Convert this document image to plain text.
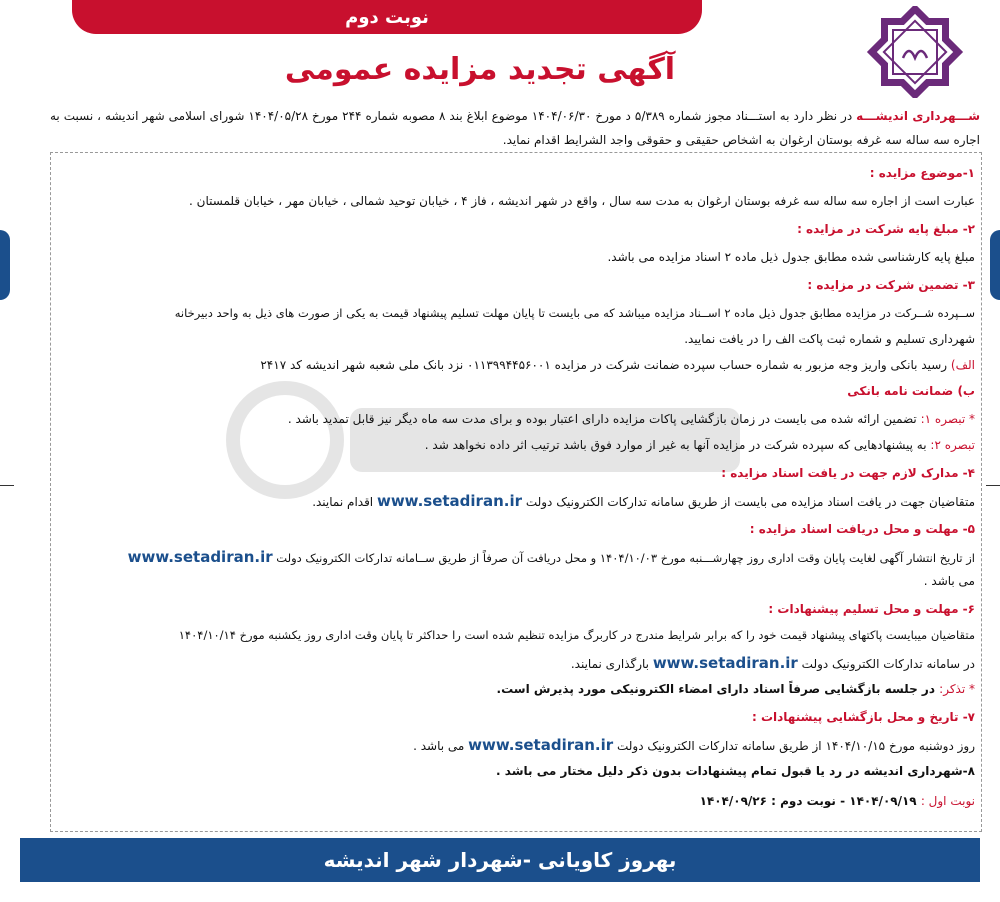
نوبت دوم
آگهی تجدید مزایده عمومی
شـــهرداری اندیشـــه در نظر دارد به استـــناد مجوز شماره ۵/۳۸۹ د مورخ ۱۴۰۴/۰۶/۳۰ موضوع ابلاغ بند ۸ مصوبه شماره ۲۴۴ مورخ ۱۴۰۴/۰۵/۲۸ شورای اسلامی شهر اندیشه ، نسبت به اجاره سه ساله سه غرفه بوستان ارغوان به اشخاص حقیقی و حقوقی واجد الشرایط اقدام نماید.
۱-موضوع مزایده :
عبارت است از اجاره سه ساله سه غرفه بوستان ارغوان به مدت سه سال ، واقع در شهر اندیشه ، فاز ۴ ، خیابان توحید شمالی ، خیابان مهر ، خیابان قلمستان .
۲- مبلغ پایه شرکت در مزایده :
مبلغ پایه کارشناسی شده مطابق جدول ذیل ماده ۲ اسناد مزایده می باشد.
۳- تضمین شرکت در مزایده :
ســپرده شــرکت در مزایده مطابق جدول ذیل ماده ۲ اســناد مزایده میباشد که می بایست تا پایان مهلت تسلیم پیشنهاد قیمت به یکی از صورت های ذیل به واحد دبیرخانه
شهرداری تسلیم و شماره ثبت پاکت الف را در یافت نمایید.
الف) رسید بانکی واریز وجه مزبور به شماره حساب سپرده ضمانت شرکت در مزایده ۰۱۱۳۹۹۴۴۵۶۰۰۱ نزد بانک ملی شعبه شهر اندیشه کد ۲۴۱۷
ب) ضمانت نامه بانکی
* تبصره ۱: تضمین ارائه شده می بایست در زمان بازگشایی پاکات مزایده دارای اعتبار بوده و برای مدت سه ماه دیگر نیز قابل تمدید باشد .
تبصره ۲: به پیشنهادهایی که سپرده شرکت در مزایده آنها به غیر از موارد فوق باشد ترتیب اثر داده نخواهد شد .
۴- مدارک لازم جهت در یافت اسناد مزایده :
متقاضیان جهت در یافت اسناد مزایده می بایست از طریق سامانه تدارکات الکترونیک دولت www.setadiran.ir اقدام نمایند.
۵- مهلت و محل دریافت اسناد مزایده :
از تاریخ انتشار آگهی لغایت پایان وقت اداری روز چهارشـــنبه مورخ ۱۴۰۴/۱۰/۰۳ و محل دریافت آن صرفاً از طریق ســامانه تدارکات الکترونیک دولت www.setadiran.ir
می باشد .
۶- مهلت و محل تسلیم پیشنهادات :
متقاضیان میبایست پاکتهای پیشنهاد قیمت خود را که برابر شرایط مندرج در کاربرگ مزایده تنظیم شده است را حداکثر تا پایان وقت اداری روز یکشنبه مورخ ۱۴۰۴/۱۰/۱۴
در سامانه تدارکات الکترونیک دولت www.setadiran.ir بارگذاری نمایند.
* تذکر: در جلسه بازگشایی صرفاً اسناد دارای امضاء الکترونیکی مورد پذیرش است.
۷- تاریخ و محل بازگشایی پیشنهادات :
روز دوشنبه مورخ ۱۴۰۴/۱۰/۱۵ از طریق سامانه تدارکات الکترونیک دولت www.setadiran.ir می باشد .
۸-شهرداری اندیشه در رد یا قبول تمام پیشنهادات بدون ذکر دلیل مختار می باشد .
نوبت اول : ۱۴۰۴/۰۹/۱۹ - نوبت دوم : ۱۴۰۴/۰۹/۲۶
بهروز کاویانی -شهردار شهر اندیشه
